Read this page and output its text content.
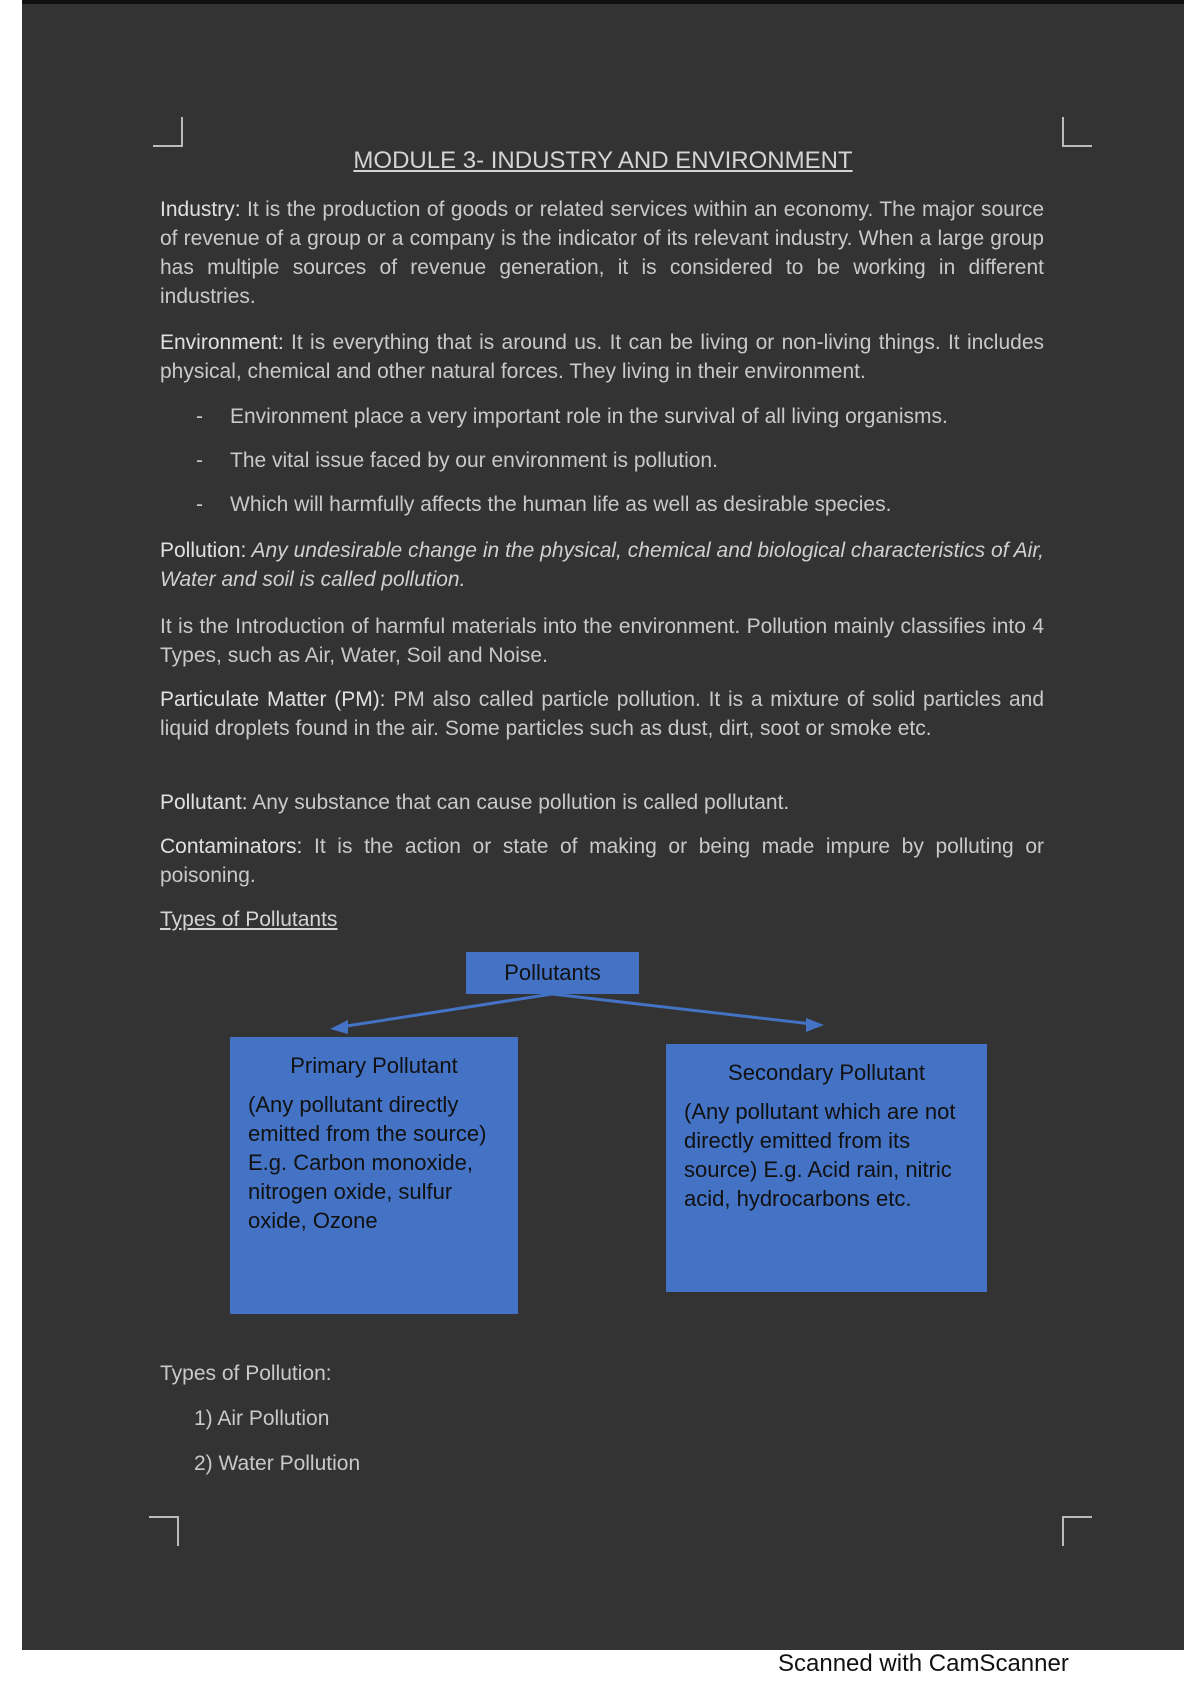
MODULE 3- INDUSTRY AND ENVIRONMENT

Industry: It is the production of goods or related services within an economy. The major source of revenue of a group or a company is the indicator of its relevant industry. When a large group has multiple sources of revenue generation, it is considered to be working in different industries.

Environment: It is everything that is around us. It can be living or non-living things. It includes physical, chemical and other natural forces. They living in their environment.

- Environment place a very important role in the survival of all living organisms.
- The vital issue faced by our environment is pollution.
- Which will harmfully affects the human life as well as desirable species.

Pollution: Any undesirable change in the physical, chemical and biological characteristics of Air, Water and soil is called pollution.

It is the Introduction of harmful materials into the environment. Pollution mainly classifies into 4 Types, such as Air, Water, Soil and Noise.

Particulate Matter (PM): PM also called particle pollution. It is a mixture of solid particles and liquid droplets found in the air. Some particles such as dust, dirt, soot or smoke etc.

Pollutant: Any substance that can cause pollution is called pollutant.

Contaminators: It is the action or state of making or being made impure by polluting or poisoning.

Types of Pollutants
Pollutants
Primary Pollutant
(Any pollutant directly emitted from the source) E.g. Carbon monoxide, nitrogen oxide, sulfur oxide, Ozone
Secondary Pollutant
(Any pollutant which are not directly emitted from its source) E.g. Acid rain, nitric acid, hydrocarbons etc.
Types of Pollution:
1) Air Pollution
2) Water Pollution
Scanned with CamScanner
